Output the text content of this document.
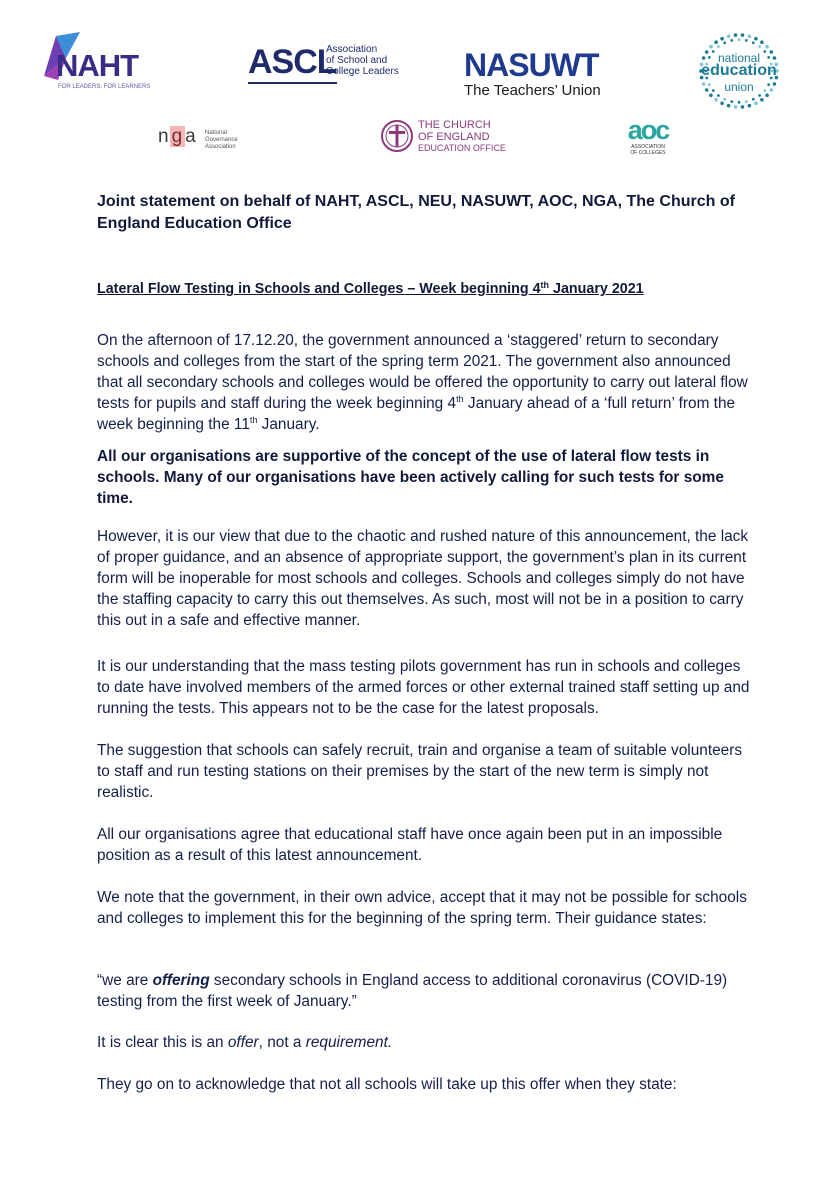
NAHT
FOR LEADERS, FOR LEARNERS
ASCL
Association
of School and
College Leaders NASUWT
The Teachers’ Union
national
education
union
n g a National
Governance
Association
THE CHURCH
OF ENGLAND
EDUCATION OFFICE
aoc
ASSOCIATION
OF COLLEGES
Joint statement on behalf of NAHT, ASCL, NEU, NASUWT, AOC, NGA, The Church of England Education Office
Lateral Flow Testing in Schools and Colleges – Week beginning 4th January 2021

On the afternoon of 17.12.20, the government announced a ‘staggered’ return to secondary schools and colleges from the start of the spring term 2021. The government also announced that all secondary schools and colleges would be offered the opportunity to carry out lateral flow tests for pupils and staff during the week beginning 4th January ahead of a ‘full return’ from the week beginning the 11th January.

All our organisations are supportive of the concept of the use of lateral flow tests in schools. Many of our organisations have been actively calling for such tests for some time.

However, it is our view that due to the chaotic and rushed nature of this announcement, the lack of proper guidance, and an absence of appropriate support, the government’s plan in its current form will be inoperable for most schools and colleges. Schools and colleges simply do not have the staffing capacity to carry this out themselves. As such, most will not be in a position to carry this out in a safe and effective manner.

It is our understanding that the mass testing pilots government has run in schools and colleges to date have involved members of the armed forces or other external trained staff setting up and running the tests. This appears not to be the case for the latest proposals.

The suggestion that schools can safely recruit, train and organise a team of suitable volunteers to staff and run testing stations on their premises by the start of the new term is simply not realistic.

All our organisations agree that educational staff have once again been put in an impossible position as a result of this latest announcement.

We note that the government, in their own advice, accept that it may not be possible for schools and colleges to implement this for the beginning of the spring term. Their guidance states:

“we are offering secondary schools in England access to additional coronavirus (COVID-19) testing from the first week of January.”

It is clear this is an offer, not a requirement.

They go on to acknowledge that not all schools will take up this offer when they state:
